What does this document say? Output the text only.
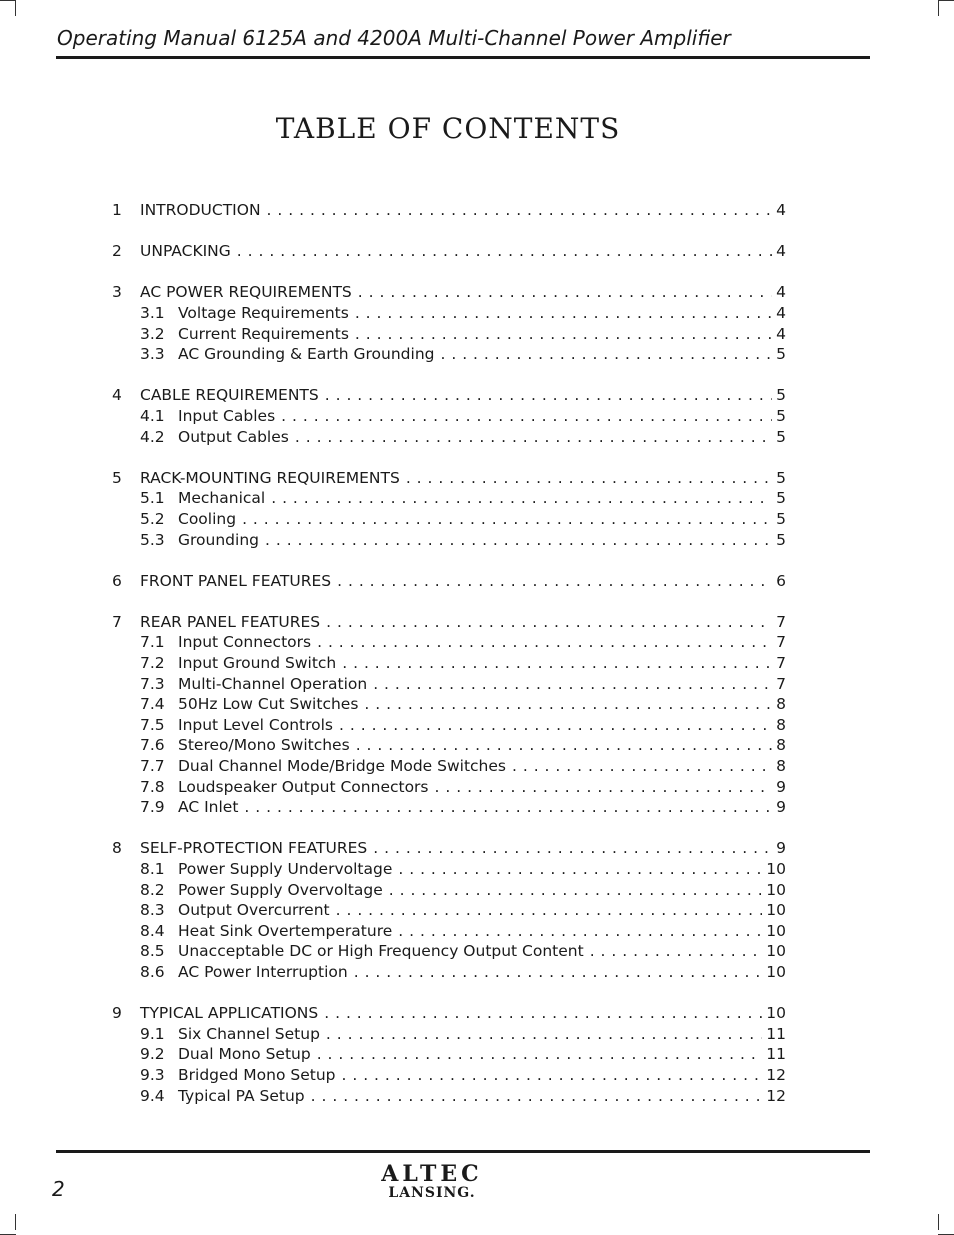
Operating Manual 6125A and 4200A Multi-Channel Power Amplifier
TABLE OF CONTENTS
1 INTRODUCTION . . .	4
2 UNPACKING . . .	4
3 AC POWER REQUIREMENTS . . .	4
3.1 Voltage Requirements . . .	4
3.2 Current Requirements . . .	4
3.3 AC Grounding & Earth Grounding . . .	5
4 CABLE REQUIREMENTS . . .	5
4.1 Input Cables . . .	5
4.2 Output Cables . . .	5
5 RACK-MOUNTING REQUIREMENTS . . .	5
5.1 Mechanical . . .	5
5.2 Cooling . . .	5
5.3 Grounding . . .	5
6 FRONT PANEL FEATURES . . .	6
7 REAR PANEL FEATURES . . .	7
7.1 Input Connectors . . .	7
7.2 Input Ground Switch . . .	7
7.3 Multi-Channel Operation . . .	7
7.4 50Hz Low Cut Switches . . .	8
7.5 Input Level Controls . . .	8
7.6 Stereo/Mono Switches . . .	8
7.7 Dual Channel Mode/Bridge Mode Switches . . .	8
7.8 Loudspeaker Output Connectors . . .	9
7.9 AC Inlet . . .	9
8 SELF-PROTECTION FEATURES . . .	9
8.1 Power Supply Undervoltage . . .	10
8.2 Power Supply Overvoltage . . .	10
8.3 Output Overcurrent . . .	10
8.4 Heat Sink Overtemperature . . .	10
8.5 Unacceptable DC or High Frequency Output Content . . .	10
8.6 AC Power Interruption . . .	10
9 TYPICAL APPLICATIONS . . .	10
9.1 Six Channel Setup . . .	11
9.2 Dual Mono Setup . . .	11
9.3 Bridged Mono Setup . . .	12
9.4 Typical PA Setup . . .	12
2
ALTEC
LANSING.
